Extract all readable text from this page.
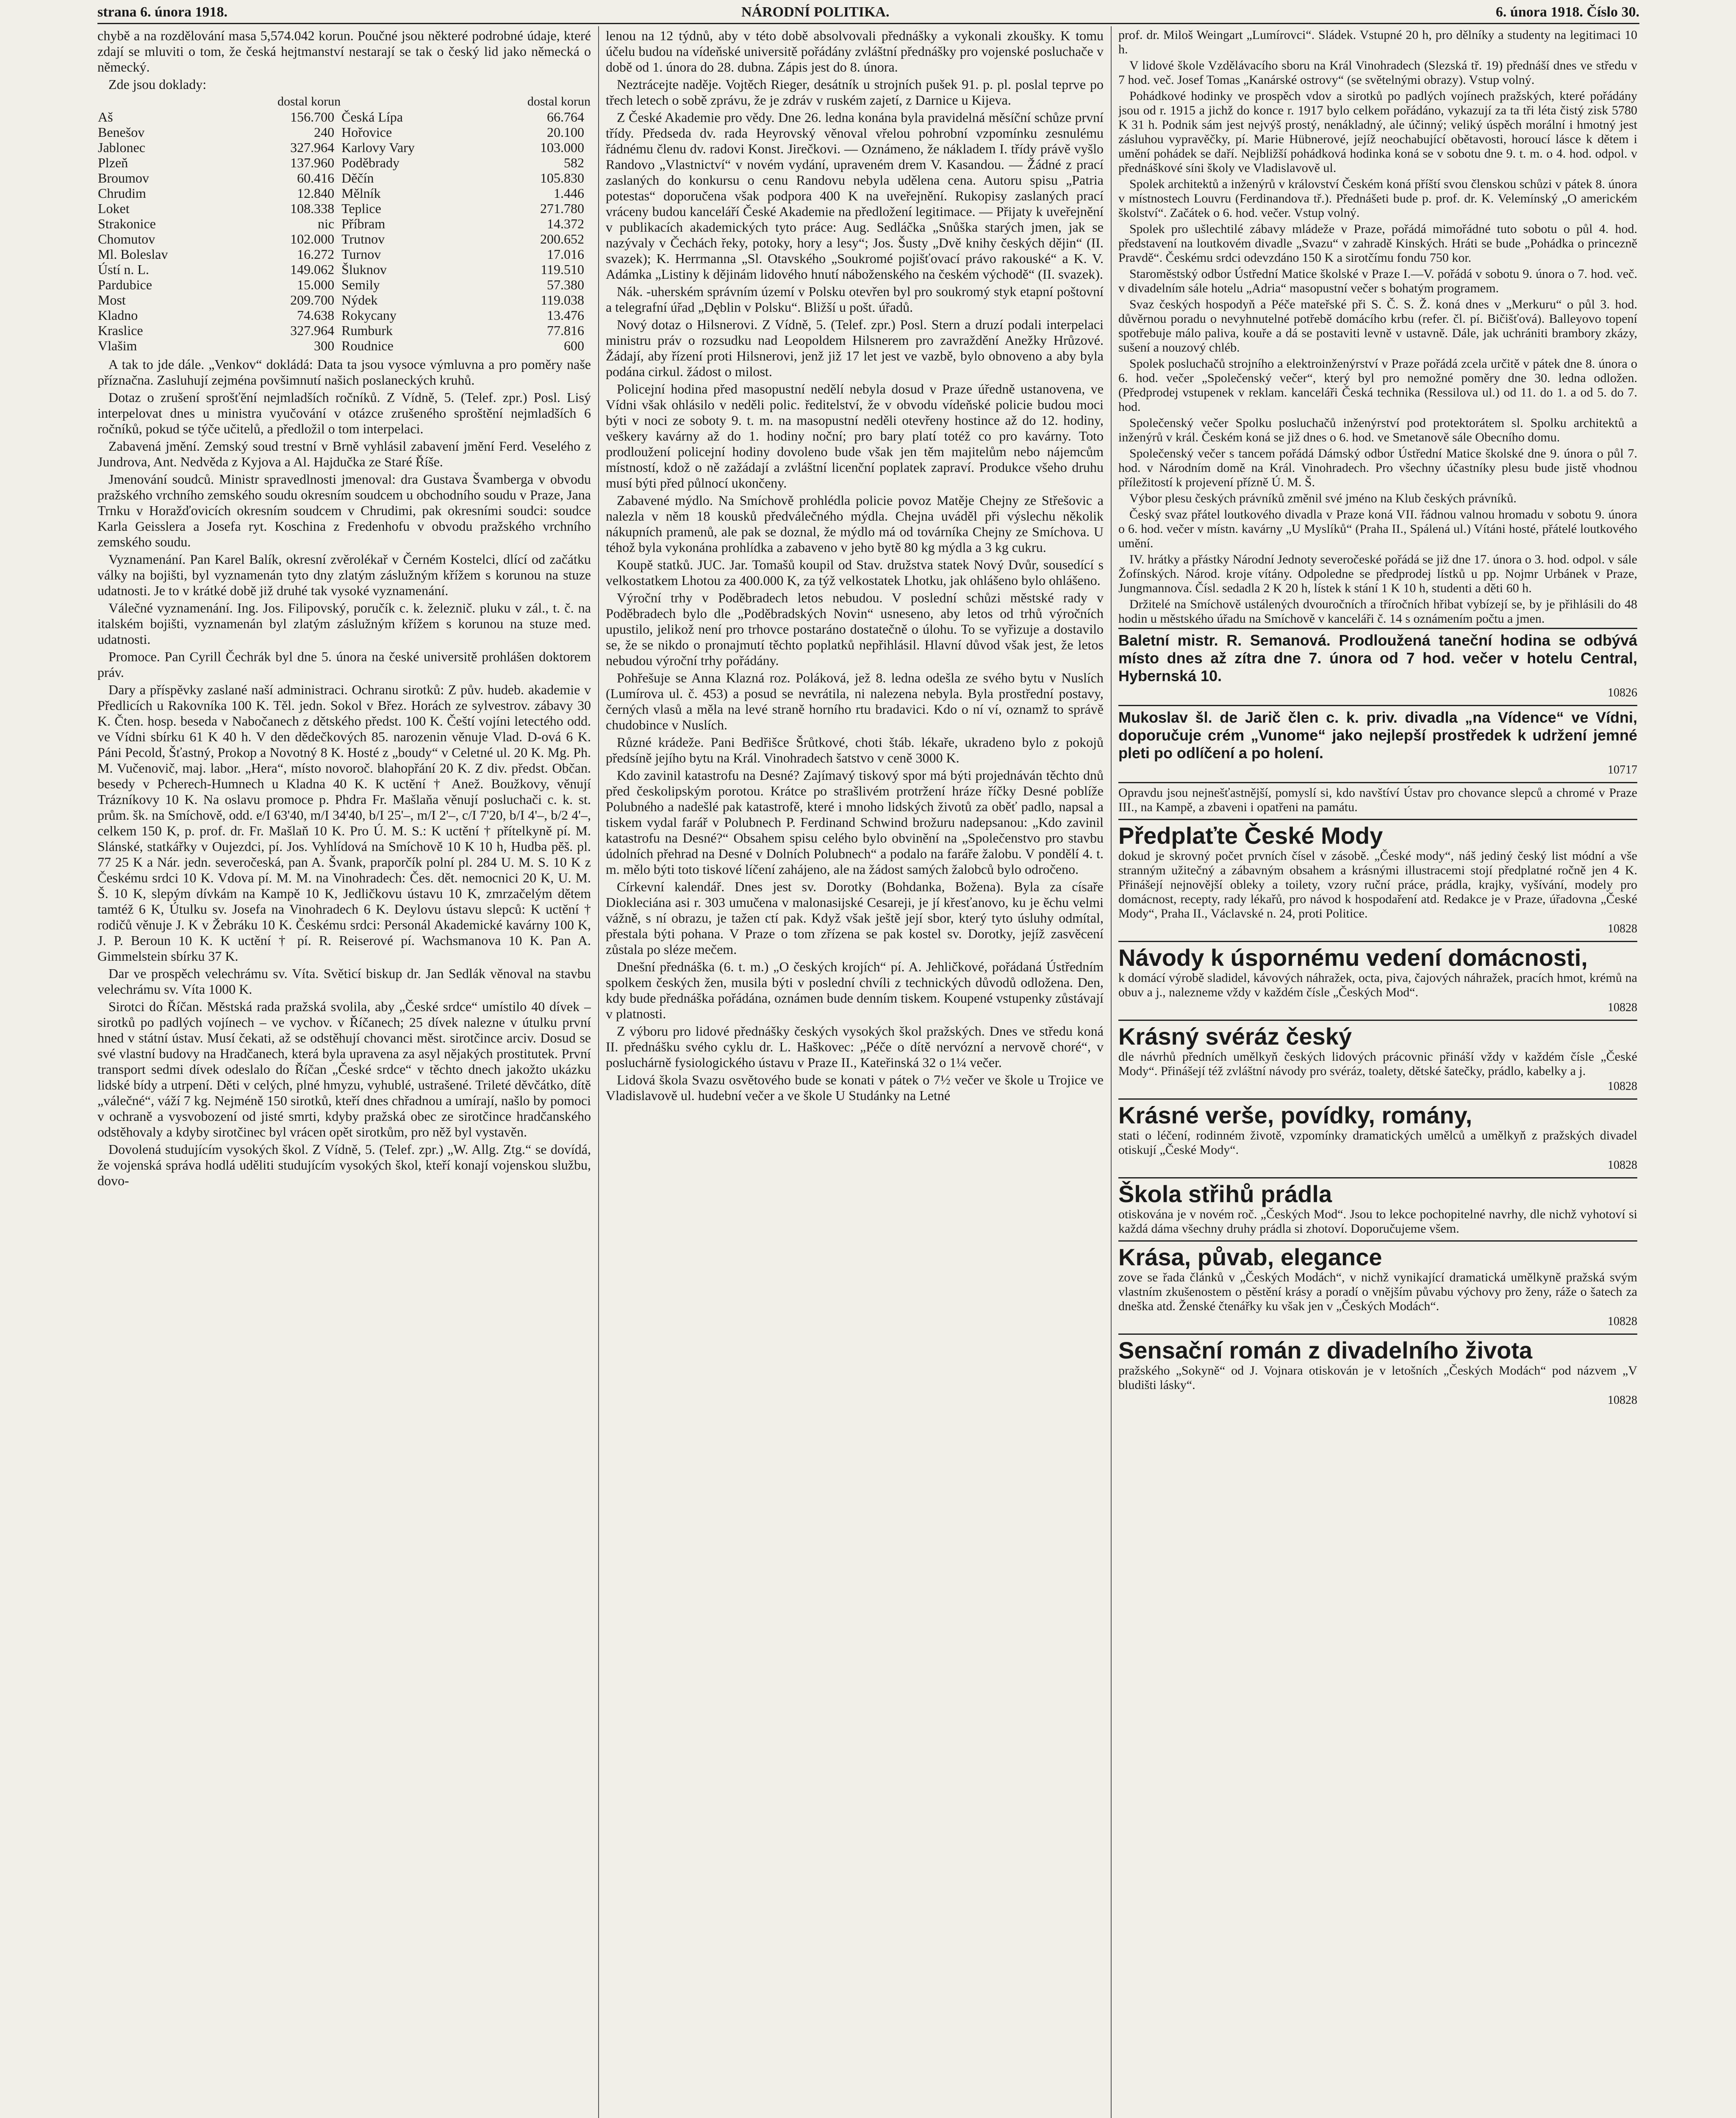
strana 6. února 1918.	NÁRODNÍ POLITIKA.	6. února 1918. Číslo 30.

chybě a na rozdělování masa 5,574.042 korun. Poučné jsou některé podrobné údaje, které zdají se mluviti o tom, že česká hejtmanství nestarají se tak o český lid jako německá o německý.

Zde jsou doklady:

dostal korun		dostal korun	
Aš	156.700	Česká Lípa	66.764
Benešov	240	Hořovice	20.100
Jablonec	327.964	Karlovy Vary	103.000
Plzeň	137.960	Poděbrady	582
Broumov	60.416	Děčín	105.830
Chrudim	12.840	Mělník	1.446
Loket	108.338	Teplice	271.780
Strakonice	nic	Příbram	14.372
Chomutov	102.000	Trutnov	200.652
Ml. Boleslav	16.272	Turnov	17.016
Ústí n. L.	149.062	Šluknov	119.510
Pardubice	15.000	Semily	57.380
Most	209.700	Nýdek	119.038
Kladno	74.638	Rokycany	13.476
Kraslice	327.964	Rumburk	77.816
Vlašim	300	Roudnice	600

A tak to jde dále. „Venkov“ dokládá: Data ta jsou vysoce výmluvna a pro poměry naše příznačna. Zasluhují zejména povšimnutí našich poslaneckých kruhů.

Dotaz o zrušení sprošťění nejmladších ročníků. Z Vídně, 5. (Telef. zpr.) Posl. Lisý interpelovat dnes u ministra vyučování v otázce zrušeného sproštění nejmladších 6 ročníků, pokud se týče učitelů, a předložil o tom interpelaci.

Zabavená jmění. Zemský soud trestní v Brně vyhlásil zabavení jmění Ferd. Veselého z Jundrova, Ant. Nedvěda z Kyjova a Al. Hajdučka ze Staré Říše.

Jmenování soudců. Ministr spravedlnosti jmenoval: dra Gustava Švamberga v obvodu pražského vrchního zemského soudu okresním soudcem u obchodního soudu v Praze, Jana Trnku v Horažďovicích okresním soudcem v Chrudimi, pak okresními soudci: soudce Karla Geisslera a Josefa ryt. Koschina z Fredenhofu v obvodu pražského vrchního zemského soudu.

Vyznamenání. Pan Karel Balík, okresní zvěrolékař v Černém Kostelci, dlící od začátku války na bojišti, byl vyznamenán tyto dny zlatým záslužným křížem s korunou na stuze udatnosti. Je to v krátké době již druhé tak vysoké vyznamenání.

Válečné vyznamenání. Ing. Jos. Filipovský, poručík c. k. železnič. pluku v zál., t. č. na italském bojišti, vyznamenán byl zlatým záslužným křížem s korunou na stuze med. udatnosti.

Promoce. Pan Cyrill Čechrák byl dne 5. února na české universitě prohlášen doktorem práv.

Dary a příspěvky zaslané naší administraci. Ochranu sirotků: Z pův. hudeb. akademie v Předlicích u Rakovníka 100 K. Těl. jedn. Sokol v Břez. Horách ze sylvestrov. zábavy 30 K. Čten. hosp. beseda v Nabočanech z dětského předst. 100 K. Čeští vojíni letectého odd. ve Vídni sbírku 61 K 40 h. V den dědečkových 85. narozenin věnuje Vlad. D-ová 6 K. Páni Pecold, Šťastný, Prokop a Novotný 8 K. Hosté z „boudy“ v Celetné ul. 20 K. Mg. Ph. M. Vučenovič, maj. labor. „Hera“, místo novoroč. blahopřání 20 K. Z div. předst. Občan. besedy v Pcherech-Humnech u Kladna 40 K. K uctění † Anež. Boužkovy, věnují Trázníkovy 10 K. Na oslavu promoce p. Phdra Fr. Mašlaňa věnují posluchači c. k. st. prům. šk. na Smíchově, odd. e/I 63'40, m/I 34'40, b/I 25'–, m/I 2'–, c/I 7'20, b/I 4'–, b/2 4'–, celkem 150 K, p. prof. dr. Fr. Mašlaň 10 K. Pro Ú. M. S.: K uctění † přítelkyně pí. M. Slánské, statkářky v Oujezdci, pí. Jos. Vyhlídová na Smíchově 10 K 10 h, Hudba pěš. pl. 77 25 K a Nár. jedn. severočeská, pan A. Švank, praporčík polní pl. 284 U. M. S. 10 K z Českému srdci 10 K. Vdova pí. M. M. na Vinohradech: Čes. dět. nemocnici 20 K, U. M. Š. 10 K, slepým dívkám na Kampě 10 K, Jedličkovu ústavu 10 K, zmrzačelým dětem tamtéž 6 K, Útulku sv. Josefa na Vinohradech 6 K. Deylovu ústavu slepců: K uctění † rodičů věnuje J. K v Žebráku 10 K. Českému srdci: Personál Akademické kavárny 100 K, J. P. Beroun 10 K. K uctění † pí. R. Reiserové pí. Wachsmanova 10 K. Pan A. Gimmelstein sbírku 37 K.

Dar ve prospěch velechrámu sv. Víta. Světicí biskup dr. Jan Sedlák věnoval na stavbu velechrámu sv. Víta 1000 K.

Sirotci do Říčan. Městská rada pražská svolila, aby „České srdce“ umístilo 40 dívek – sirotků po padlých vojínech – ve vychov. v Říčanech; 25 dívek nalezne v útulku první hned v státní ústav. Musí čekati, až se odstěhují chovanci měst. sirotčince arciv. Dosud se své vlastní budovy na Hradčanech, která byla upravena za asyl nějakých prostitutek. První transport sedmi dívek odeslalo do Říčan „České srdce“ v těchto dnech jakožto ukázku lidské bídy a utrpení. Děti v celých, plné hmyzu, vyhublé, ustrašené. Trileté děvčátko, dítě „válečné“, váží 7 kg. Nejméně 150 sirotků, kteří dnes chřadnou a umírají, našlo by pomoci v ochraně a vysvobození od jisté smrti, kdyby pražská obec ze sirotčince hradčanského odstěhovaly a kdyby sirotčinec byl vrácen opět sirotkům, pro něž byl vystavěn.

Dovolená studujícím vysokých škol. Z Vídně, 5. (Telef. zpr.) „W. Allg. Ztg.“ se dovídá, že vojenská správa hodlá uděliti studujícím vysokých škol, kteří konají vojenskou službu, dovo-

lenou na 12 týdnů, aby v této době absolvovali přednášky a vykonali zkoušky. K tomu účelu budou na vídeňské universitě pořádány zvláštní přednášky pro vojenské posluchače v době od 1. února do 28. dubna. Zápis jest do 8. února.

Neztrácejte naděje. Vojtěch Rieger, desátník u strojních pušek 91. p. pl. poslal teprve po třech letech o sobě zprávu, že je zdráv v ruském zajetí, z Darnice u Kijeva.

Z České Akademie pro vědy. Dne 26. ledna konána byla pravidelná měsíční schůze první třídy. Předseda dv. rada Heyrovský věnoval vřelou pohrobní vzpomínku zesnulému řádnému členu dv. radovi Konst. Jirečkovi. — Oznámeno, že nákladem I. třídy právě vyšlo Randovo „Vlastnictví“ v novém vydání, upraveném drem V. Kasandou. — Žádné z prací zaslaných do konkursu o cenu Randovu nebyla udělena cena. Autoru spisu „Patria potestas“ doporučena však podpora 400 K na uveřejnění. Rukopisy zaslaných prací vráceny budou kanceláří České Akademie na předložení legitimace. — Přijaty k uveřejnění v publikacích akademických tyto práce: Aug. Sedláčka „Snůška starých jmen, jak se nazývaly v Čechách řeky, potoky, hory a lesy“; Jos. Šusty „Dvě knihy českých dějin“ (II. svazek); K. Herrmanna „Sl. Otavského „Soukromé pojišťovací právo rakouské“ a K. V. Adámka „Listiny k dějinám lidového hnutí náboženského na českém východě“ (II. svazek).

Nák. -uherském správním území v Polsku otevřen byl pro soukromý styk etapní poštovní a telegrafní úřad „Dęblin v Polsku“. Bližší u pošt. úřadů.

Nový dotaz o Hilsnerovi. Z Vídně, 5. (Telef. zpr.) Posl. Stern a druzí podali interpelaci ministru práv o rozsudku nad Leopoldem Hilsnerem pro zavraždění Anežky Hrůzové. Žádají, aby řízení proti Hilsnerovi, jenž již 17 let jest ve vazbě, bylo obnoveno a aby byla podána cirkul. žádost o milost.

Policejní hodina před masopustní nedělí nebyla dosud v Praze úředně ustanovena, ve Vídni však ohlásilo v neděli polic. ředitelství, že v obvodu vídeňské policie budou moci býti v noci ze soboty 9. t. m. na masopustní neděli otevřeny hostince až do 12. hodiny, veškery kavárny až do 1. hodiny noční; pro bary platí totéž co pro kavárny. Toto prodloužení policejní hodiny dovoleno bude však jen těm majitelům nebo nájemcům místností, kdož o ně zažádají a zvláštní licenční poplatek zapraví. Produkce všeho druhu musí býti před půlnocí ukončeny.

Zabavené mýdlo. Na Smíchově prohlédla policie povoz Matěje Chejny ze Střešovic a nalezla v něm 18 kousků předválečného mýdla. Chejna uváděl při výslechu několik nákupních pramenů, ale pak se doznal, že mýdlo má od továrníka Chejny ze Smíchova. U téhož byla vykonána prohlídka a zabaveno v jeho bytě 80 kg mýdla a 3 kg cukru.

Koupě statků. JUC. Jar. Tomašů koupil od Stav. družstva statek Nový Dvůr, sousedící s velkostatkem Lhotou za 400.000 K, za týž velkostatek Lhotku, jak ohlášeno bylo ohlášeno.

Výroční trhy v Poděbradech letos nebudou. V poslední schůzi městské rady v Poděbradech bylo dle „Poděbradských Novin“ usneseno, aby letos od trhů výročních upustilo, jelikož není pro trhovce postaráno dostatečně o úlohu. To se vyřizuje a dostavilo se, že se nikdo o pronajmutí těchto poplatků nepřihlásil. Hlavní důvod však jest, že letos nebudou výroční trhy pořádány.

Pohřešuje se Anna Klazná roz. Poláková, jež 8. ledna odešla ze svého bytu v Nuslích (Lumírova ul. č. 453) a posud se nevrátila, ni nalezena nebyla. Byla prostřední postavy, černých vlasů a měla na levé straně horního rtu bradavici. Kdo o ní ví, oznamž to správě chudobince v Nuslích.

Různé krádeže. Pani Bedřišce Šrůtkové, choti štáb. lékaře, ukradeno bylo z pokojů předsíně jejího bytu na Král. Vinohradech šatstvo v ceně 3000 K.

Kdo zavinil katastrofu na Desné? Zajímavý tiskový spor má býti projednáván těchto dnů před českolipským porotou. Krátce po strašlivém protržení hráze říčky Desné poblíže Polubného a nadešlé pak katastrofě, které i mnoho lidských životů za oběť padlo, napsal a tiskem vydal farář v Polubnech P. Ferdinand Schwind brožuru nadepsanou: „Kdo zavinil katastrofu na Desné?“ Obsahem spisu celého bylo obvinění na „Společenstvo pro stavbu údolních přehrad na Desné v Dolních Polubnech“ a podalo na faráře žalobu. V pondělí 4. t. m. mělo býti toto tiskové líčení zahájeno, ale na žádost samých žalobců bylo odročeno.

Církevní kalendář. Dnes jest sv. Dorotky (Bohdanka, Božena). Byla za císaře Diokleciána asi r. 303 umučena v malonasijské Cesareji, je jí křesťanovo, ku je ěchu velmi vážně, s ní obrazu, je tažen ctí pak. Když však ještě její sbor, který tyto úsluhy odmítal, přestala býti pohana. V Praze o tom zřízena se pak kostel sv. Dorotky, jejíž zasvěcení zůstala po sléze mečem.

Dnešní přednáška (6. t. m.) „O českých krojích“ pí. A. Jehličkové, pořádaná Ústředním spolkem českých žen, musila býti v poslední chvíli z technických důvodů odložena. Den, kdy bude přednáška pořádána, oznámen bude denním tiskem. Koupené vstupenky zůstávají v platnosti.

Z výboru pro lidové přednášky českých vysokých škol pražských. Dnes ve středu koná II. přednášku svého cyklu dr. L. Haškovec: „Péče o dítě nervózní a nervově choré“, v posluchárně fysiologického ústavu v Praze II., Kateřinská 32 o 1¼ večer.

Lidová škola Svazu osvětového bude se konati v pátek o 7½ večer ve škole u Trojice ve Vladislavově ul. hudební večer a ve škole U Studánky na Letné

prof. dr. Miloš Weingart „Lumírovci“. Sládek. Vstupné 20 h, pro dělníky a studenty na legitimaci 10 h.

V lidové škole Vzdělávacího sboru na Král Vinohradech (Slezská tř. 19) přednáší dnes ve středu v 7 hod. več. Josef Tomas „Kanárské ostrovy“ (se světelnými obrazy). Vstup volný.

Pohádkové hodinky ve prospěch vdov a sirotků po padlých vojínech pražských, které pořádány jsou od r. 1915 a jichž do konce r. 1917 bylo celkem pořádáno, vykazují za ta tři léta čistý zisk 5780 K 31 h. Podnik sám jest nejvýš prostý, nenákladný, ale účinný; veliký úspěch morální i hmotný jest zásluhou vypravěčky, pí. Marie Hübnerové, jejíž neochabující obětavosti, horoucí lásce k dětem i umění pohádek se daří. Nejbližší pohádková hodinka koná se v sobotu dne 9. t. m. o 4. hod. odpol. v přednáškové síni školy ve Vladislavově ul.

Spolek architektů a inženýrů v království Českém koná příští svou členskou schůzi v pátek 8. února v místnostech Louvru (Ferdinandova tř.). Přednášeti bude p. prof. dr. K. Velemínský „O americkém školství“. Začátek o 6. hod. večer. Vstup volný.

Spolek pro ušlechtilé zábavy mládeže v Praze, pořádá mimořádné tuto sobotu o půl 4. hod. představení na loutkovém divadle „Svazu“ v zahradě Kinských. Hráti se bude „Pohádka o princezně Pravdě“. Českému srdci odevzdáno 150 K a sirotčímu fondu 750 kor.

Staroměstský odbor Ústřední Matice školské v Praze I.—V. pořádá v sobotu 9. února o 7. hod. več. v divadelním sále hotelu „Adria“ masopustní večer s bohatým programem.

Svaz českých hospodyň a Péče mateřské při S. Č. S. Ž. koná dnes v „Merkuru“ o půl 3. hod. důvěrnou poradu o nevyhnutelné potřebě domácího krbu (refer. čl. pí. Bičišťová). Balleyovo topení spotřebuje málo paliva, kouře a dá se postaviti levně v ustavně. Dále, jak uchrániti brambory zkázy, sušení a nouzový chléb.

Spolek posluchačů strojního a elektroinženýrství v Praze pořádá zcela určitě v pátek dne 8. února o 6. hod. večer „Společenský večer“, který byl pro nemožné poměry dne 30. ledna odložen. (Předprodej vstupenek v reklam. kanceláři Česká technika (Ressilova ul.) od 11. do 1. a od 5. do 7. hod.

Společenský večer Spolku posluchačů inženýrství pod protektorátem sl. Spolku architektů a inženýrů v král. Českém koná se již dnes o 6. hod. ve Smetanově sále Obecního domu.

Společenský večer s tancem pořádá Dámský odbor Ústřední Matice školské dne 9. února o půl 7. hod. v Národním domě na Král. Vinohradech. Pro všechny účastníky plesu bude jistě vhodnou příležitostí k projevení přízně Ú. M. Š.

Výbor plesu českých právníků změnil své jméno na Klub českých právníků.

Český svaz přátel loutkového divadla v Praze koná VII. řádnou valnou hromadu v sobotu 9. února o 6. hod. večer v místn. kavárny „U Myslíků“ (Praha II., Spálená ul.) Vítáni hosté, přátelé loutkového umění.

IV. hrátky a přástky Národní Jednoty severočeské pořádá se již dne 17. února o 3. hod. odpol. v sále Žofínských. Národ. kroje vítány. Odpoledne se předprodej lístků u pp. Nojmr Urbánek v Praze, Jungmannova. Čísl. sedadla 2 K 20 h, lístek k stání 1 K 10 h, studenti a děti 60 h.

Držitelé na Smíchově ustálených dvouročních a tříročních hřibat vybízejí se, by je přihlásili do 48 hodin u městského úřadu na Smíchově v kanceláři č. 14 s oznámením počtu a jmen.

Baletní mistr. R. Semanová. Prodloužená taneční hodina se odbývá místo dnes až zítra dne 7. února od 7 hod. večer v hotelu Central, Hybernská 10.
10826
Mukoslav šl. de Jarič člen c. k. priv. divadla „na Vídence“ ve Vídni, doporučuje crém „Vunome“ jako nejlepší prostředek k udržení jemné pleti po odlíčení a po holení.
10717
Opravdu jsou nejnešťastnější, pomyslí si, kdo navštíví Ústav pro chovance slepců a chromé v Praze III., na Kampě, a zbaveni i opatřeni na památu.
Předplaťte České Mody
dokud je skrovný počet prvních čísel v zásobě. „České mody“, náš jediný český list módní a vše stranným užitečný a zábavným obsahem a krásnými illustracemi stojí předplatné ročně jen 4 K. Přinášejí nejnovější obleky a toilety, vzory ruční práce, prádla, krajky, vyšívání, modely pro domácnost, recepty, rady lékařů, pro návod k hospodaření atd. Redakce je v Praze, úřadovna „České Mody“, Praha II., Václavské n. 24, proti Politice.
10828
Návody k úspornému vedení domácnosti,
k domácí výrobě sladidel, kávových náhražek, octa, piva, čajových náhražek, pracích hmot, krémů na obuv a j., nalezneme vždy v každém čísle „Českých Mod“.
10828
Krásný svéráz český
dle návrhů předních umělkyň českých lidových prácovnic přináší vždy v každém čísle „České Mody“. Přinášejí též zvláštní návody pro svéráz, toalety, dětské šatečky, prádlo, kabelky a j.
10828
Krásné verše, povídky, romány,
stati o léčení, rodinném životě, vzpomínky dramatických umělců a umělkyň z pražských divadel otiskují „České Mody“.
10828
Škola střihů prádla
otiskována je v novém roč. „Českých Mod“. Jsou to lekce pochopitelné navrhy, dle nichž vyhotoví si každá dáma všechny druhy prádla si zhotoví. Doporučujeme všem.
Krása, půvab, elegance
zove se řada článků v „Českých Modách“, v nichž vynikající dramatická umělkyně pražská svým vlastním zkušenostem o pěstění krásy a poradí o vnějším půvabu výchovy pro ženy, ráže o šatech za dneška atd. Ženské čtenářky ku však jen v „Českých Modách“.
10828
Sensační román z divadelního života
pražského „Sokyně“ od J. Vojnara otiskován je v letošních „Českých Modách“ pod názvem „V bludišti lásky“.
10828
